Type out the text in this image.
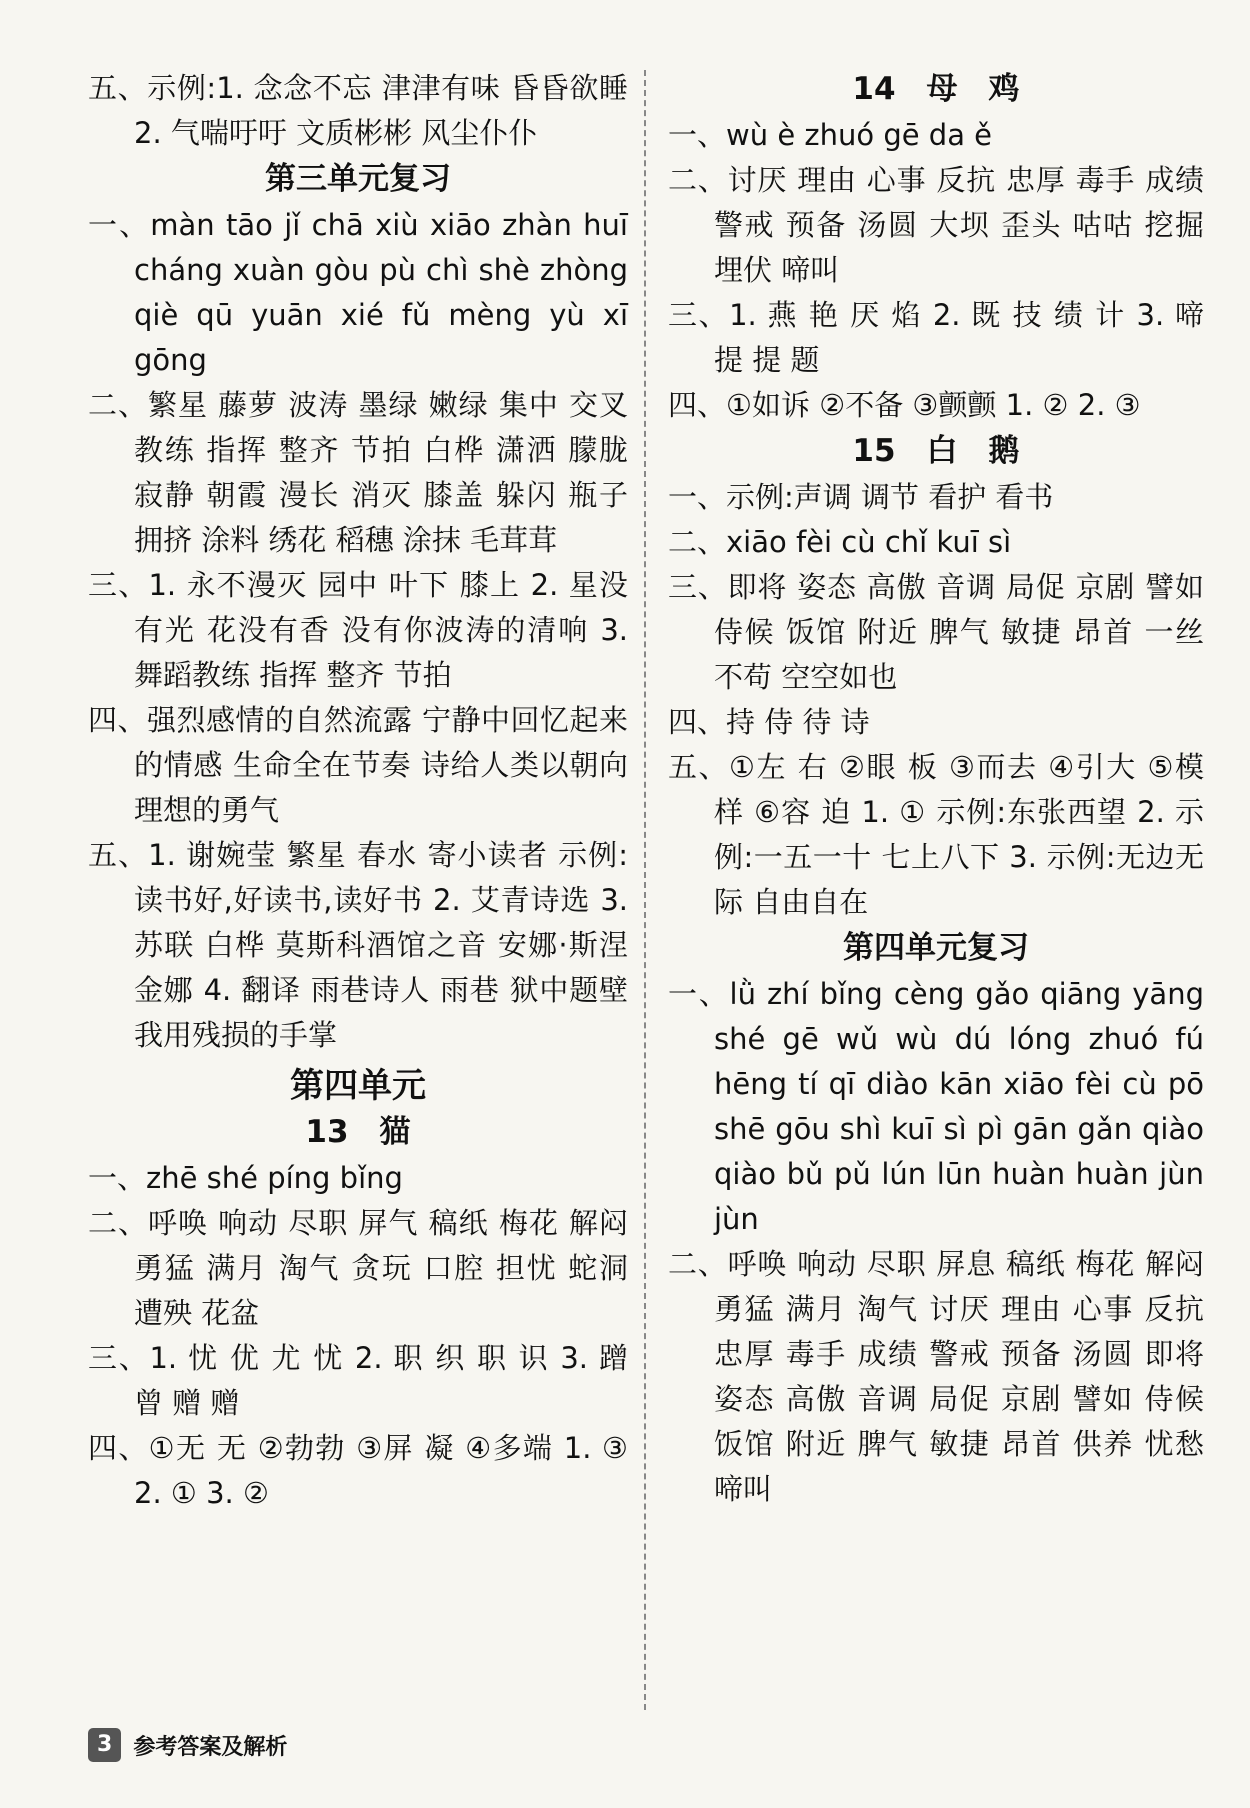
五、示例:1. 念念不忘 津津有味 昏昏欲睡 2. 气喘吁吁 文质彬彬 风尘仆仆
第三单元复习
一、màn tāo jǐ chā xiù xiāo zhàn huī cháng xuàn gòu pù chì shè zhòng qiè qū yuān xié fǔ mèng yù xī gōng
二、繁星 藤萝 波涛 墨绿 嫩绿 集中 交叉 教练 指挥 整齐 节拍 白桦 潇洒 朦胧 寂静 朝霞 漫长 消灭 膝盖 躲闪 瓶子 拥挤 涂料 绣花 稻穗 涂抹 毛茸茸
三、1. 永不漫灭 园中 叶下 膝上 2. 星没有光 花没有香 没有你波涛的清响 3. 舞蹈教练 指挥 整齐 节拍
四、强烈感情的自然流露 宁静中回忆起来的情感 生命全在节奏 诗给人类以朝向理想的勇气
五、1. 谢婉莹 繁星 春水 寄小读者 示例:读书好,好读书,读好书 2. 艾青诗选 3. 苏联 白桦 莫斯科酒馆之音 安娜·斯涅金娜 4. 翻译 雨巷诗人 雨巷 狱中题壁 我用残损的手掌
第四单元
13　猫
一、zhē shé píng bǐng
二、呼唤 响动 尽职 屏气 稿纸 梅花 解闷 勇猛 满月 淘气 贪玩 口腔 担忧 蛇洞 遭殃 花盆
三、1. 忧 优 尤 忧 2. 职 织 职 识 3. 蹭 曾 赠 赠
四、①无 无 ②勃勃 ③屏 凝 ④多端 1. ③ 2. ① 3. ②
14　母　鸡
一、wù è zhuó gē da ě
二、讨厌 理由 心事 反抗 忠厚 毒手 成绩 警戒 预备 汤圆 大坝 歪头 咕咕 挖掘 埋伏 啼叫
三、1. 燕 艳 厌 焰 2. 既 技 绩 计 3. 啼 提 提 题
四、①如诉 ②不备 ③颤颤 1. ② 2. ③
15　白　鹅
一、示例:声调 调节 看护 看书
二、xiāo fèi cù chǐ kuī sì
三、即将 姿态 高傲 音调 局促 京剧 譬如 侍候 饭馆 附近 脾气 敏捷 昂首 一丝不苟 空空如也
四、持 侍 待 诗
五、①左 右 ②眼 板 ③而去 ④引大 ⑤模 样 ⑥容 迫 1. ① 示例:东张西望 2. 示例:一五一十 七上八下 3. 示例:无边无际 自由自在
第四单元复习
一、lǜ zhí bǐng cèng gǎo qiāng yāng shé gē wǔ wù dú lóng zhuó fú hēng tí qī diào kān xiāo fèi cù pō shē gōu shì kuī sì pì gān gǎn qiào qiào bǔ pǔ lún lūn huàn huàn jùn jùn
二、呼唤 响动 尽职 屏息 稿纸 梅花 解闷 勇猛 满月 淘气 讨厌 理由 心事 反抗 忠厚 毒手 成绩 警戒 预备 汤圆 即将 姿态 高傲 音调 局促 京剧 譬如 侍候 饭馆 附近 脾气 敏捷 昂首 供养 忧愁 啼叫
3 参考答案及解析
